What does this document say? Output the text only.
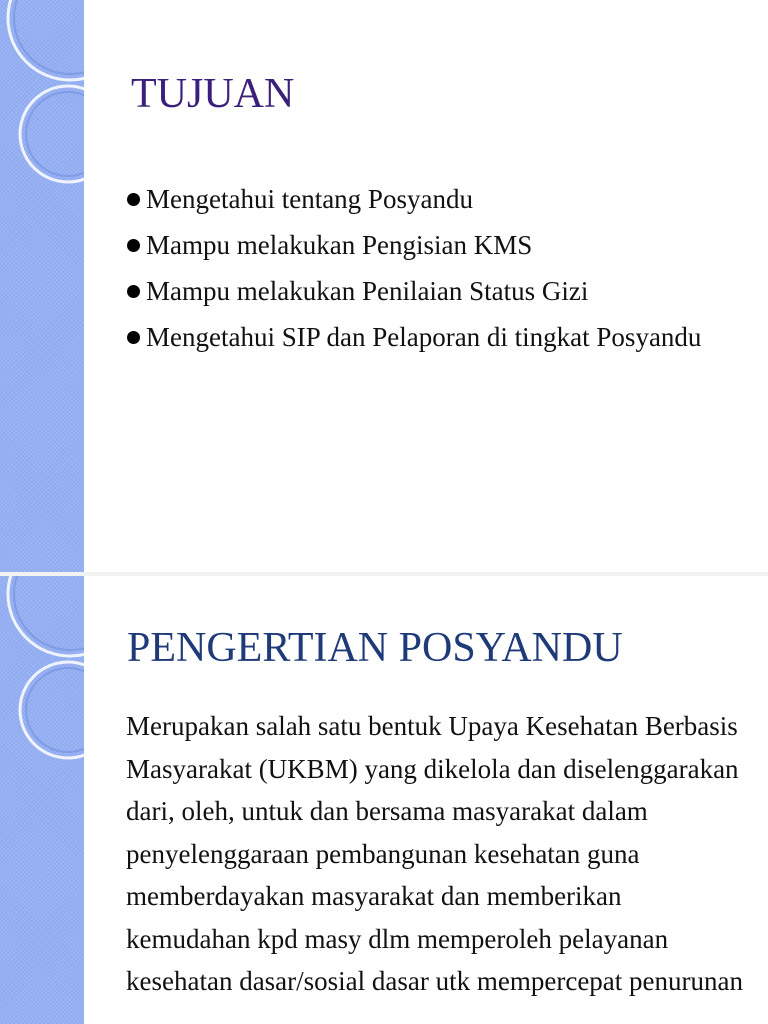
TUJUAN
Mengetahui tentang Posyandu
Mampu melakukan Pengisian KMS
Mampu melakukan Penilaian Status Gizi
Mengetahui SIP dan Pelaporan di tingkat Posyandu
PENGERTIAN POSYANDU

Merupakan salah satu bentuk Upaya Kesehatan Berbasis Masyarakat (UKBM) yang dikelola dan diselenggarakan dari, oleh, untuk dan bersama masyarakat dalam penyelenggaraan pembangunan kesehatan guna memberdayakan masyarakat dan memberikan kemudahan kpd masy dlm memperoleh pelayanan kesehatan dasar/sosial dasar utk mempercepat penurunan
